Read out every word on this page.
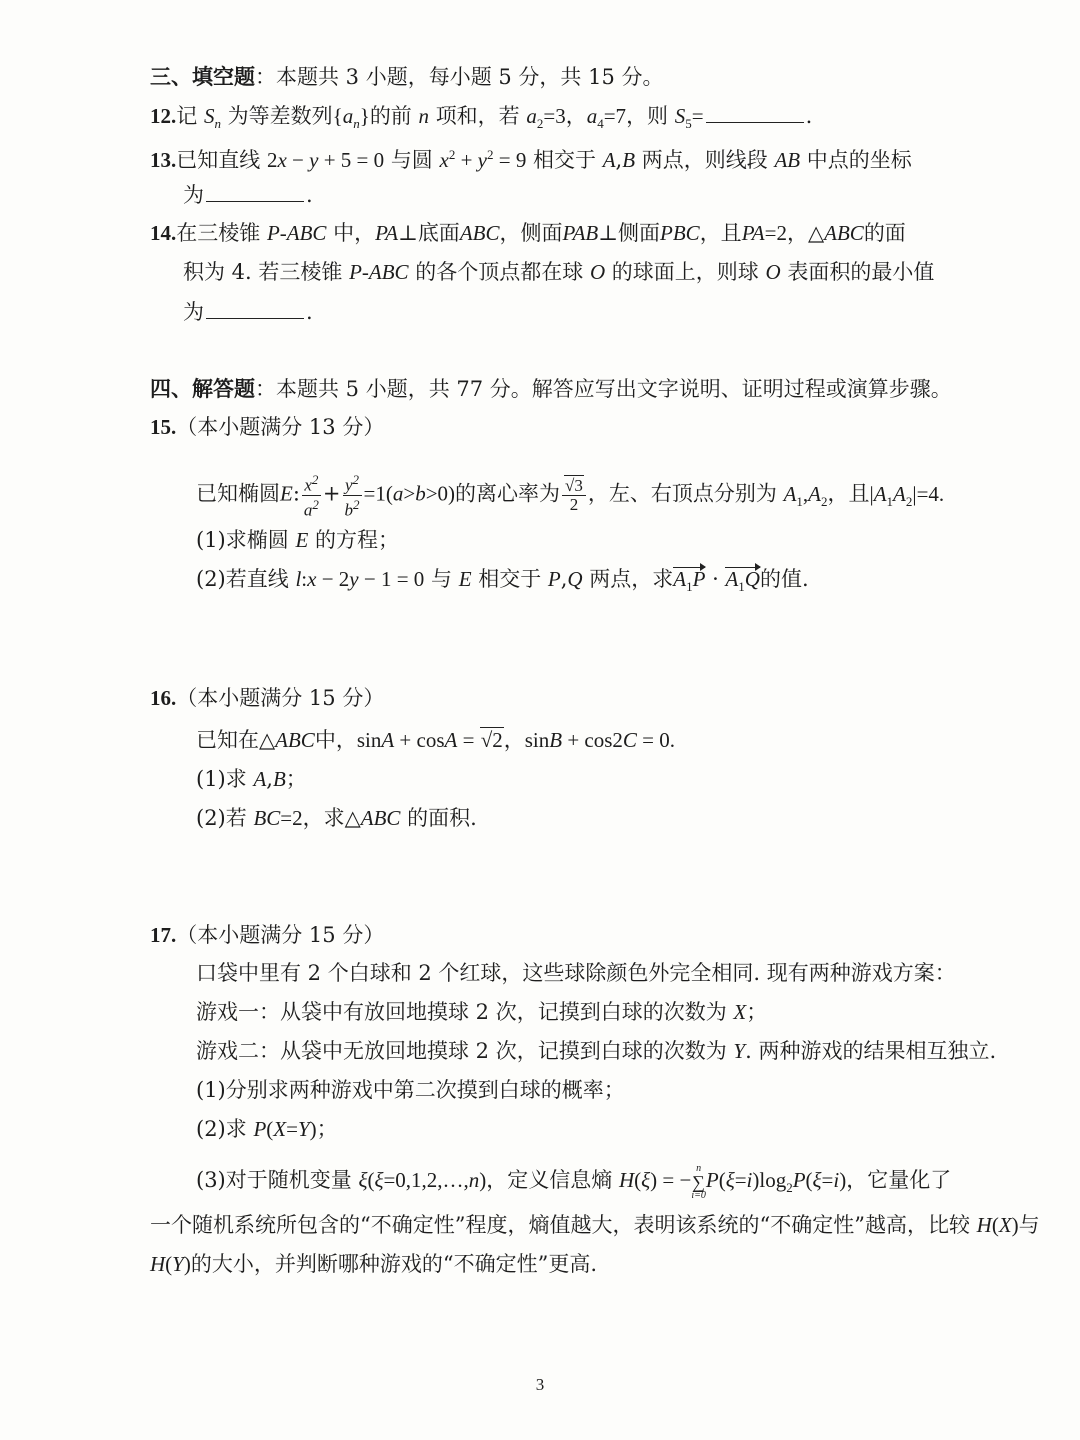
三、填空题：本题共 3 小题，每小题 5 分，共 15 分。
12.记 $S_n$ 为等差数列$\{a_n\}$的前 n 项和，若 $a_2=3$，$a_4=7$，则 $S_5=$	.
13.已知直线 2x − y + 5 = 0 与圆 $x^2 + y^2 = 9$ 相交于 A,B 两点，则线段 AB 中点的坐标
为	.
14.在三棱锥 P-ABC 中，PA⊥底面ABC，侧面PAB⊥侧面PBC，且PA=2，△ABC的面
积为 4. 若三棱锥 P-ABC 的各个顶点都在球 O 的球面上，则球 O 表面积的最小值
为	.
四、解答题：本题共 5 小题，共 77 分。解答应写出文字说明、证明过程或演算步骤。
15.（本小题满分 13 分）
已知椭圆E: $\frac{x^2}{a^2} + \frac{y^2}{b^2} =1(a>b>0)$的离心率为 $\frac{√3}{2}$ ，左、右顶点分别为 $A_1,A_2$，且$|A_1A_2|=4$.
(1)求椭圆 E 的方程；
(2)若直线 l:x − 2y − 1 = 0 与 E 相交于 P,Q 两点，求$A_1P \cdot A_1Q$的值.
16.（本小题满分 15 分）
已知在△ABC中，sinA + cosA = √2，sinB + cos2C = 0.
(1)求 A,B；
(2)若 BC=2，求△ABC 的面积.
17.（本小题满分 15 分）
口袋中里有 2 个白球和 2 个红球，这些球除颜色外完全相同. 现有两种游戏方案：
游戏一：从袋中有放回地摸球 2 次，记摸到白球的次数为 X；
游戏二：从袋中无放回地摸球 2 次，记摸到白球的次数为 Y. 两种游戏的结果相互独立.
(1)分别求两种游戏中第二次摸到白球的概率；
(2)求 P(X=Y)；
(3)对于随机变量 ξ(ξ=0,1,2,…,n)，定义信息熵 H(ξ) = − n
∑
i=0
$P(\xi=i)\log_2P(\xi=i)$，它量化了
一个随机系统所包含的“不确定性”程度，熵值越大，表明该系统的“不确定性”越高，比较 H(X)与
H(Y)的大小，并判断哪种游戏的“不确定性”更高.
3
